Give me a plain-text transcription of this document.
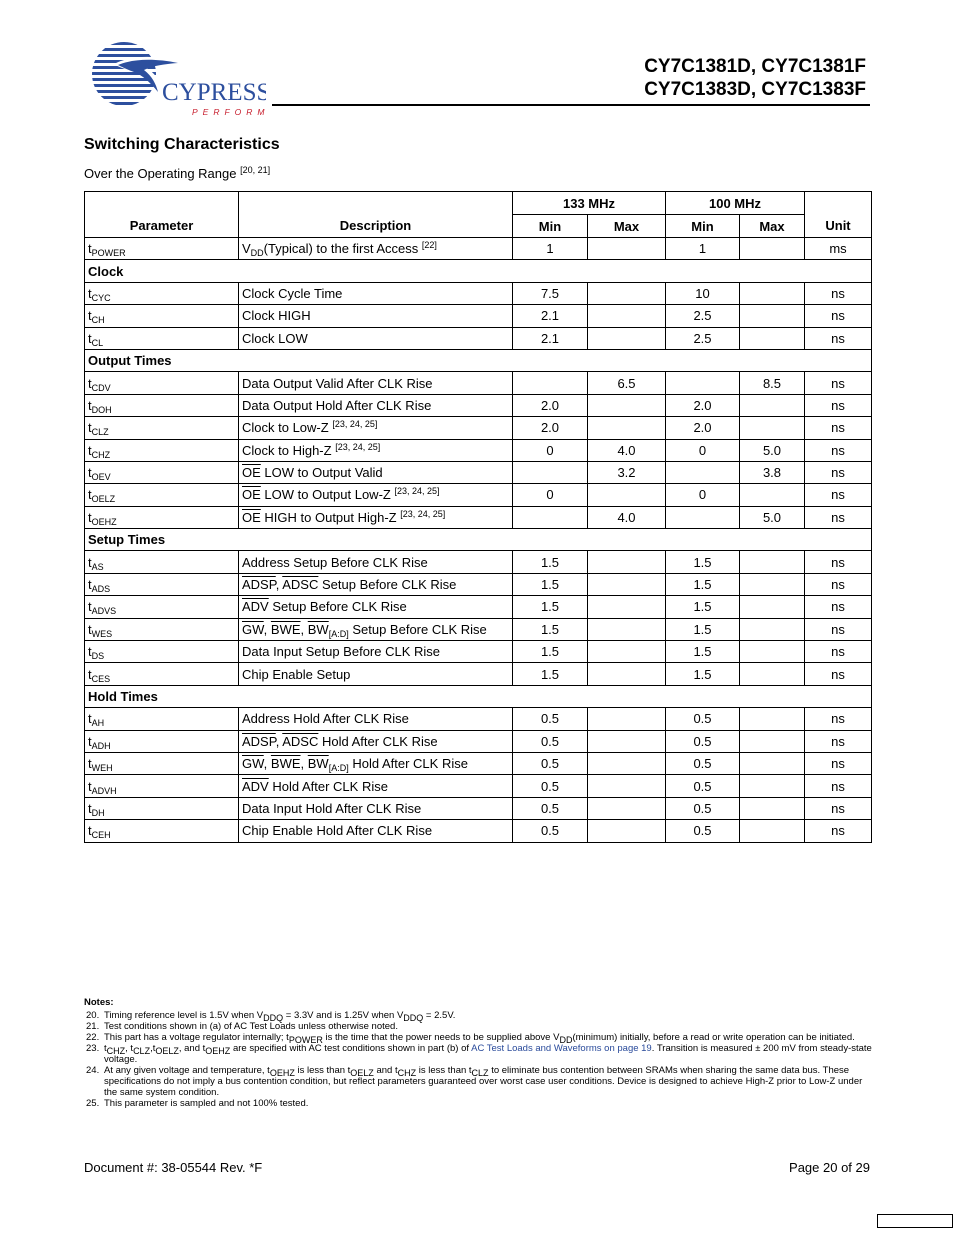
CYPRESS
PERFORM
CY7C1381D, CY7C1381F
CY7C1383D, CY7C1383F
Switching Characteristics
Over the Operating Range [20, 21]
Parameter	Description	133 MHz		100 MHz		Unit
		Min	Max	Min	Max	
$t_{POWER}$	$V_{DD}(Typical)$ to the first Access [22]	1		1		ms
Clock						
$t_{CYC}$	Clock Cycle Time	7.5		10		ns
$t_{CH}$	Clock HIGH	2.1		2.5		ns
$t_{CL}$	Clock LOW	2.1		2.5		ns
Output Times						
$t_{CDV}$	Data Output Valid After CLK Rise		6.5		8.5	ns
$t_{DOH}$	Data Output Hold After CLK Rise	2.0		2.0		ns
$t_{CLZ}$	Clock to Low-Z [23, 24, 25]	2.0		2.0		ns
$t_{CHZ}$	Clock to High-Z [23, 24, 25]	0	4.0	0	5.0	ns
$t_{OEV}$	$\overline{OE}$ LOW to Output Valid		3.2		3.8	ns
$t_{OELZ}$	$\overline{OE}$ LOW to Output Low-Z [23, 24, 25]	0		0		ns
$t_{OEHZ}$	$\overline{OE}$ HIGH to Output High-Z [23, 24, 25]		4.0		5.0	ns
Setup Times						
$t_{AS}$	Address Setup Before CLK Rise	1.5		1.5		ns
$t_{ADS}$	ADSP, ADSC Setup Before CLK Rise	1.5		1.5		ns
$t_{ADVS}$	$\overline{ADV}$ Setup Before CLK Rise	1.5		1.5		ns
$t_{WES}$	$\overline{GW}$, $\overline{BWE}$, $\overline{BW}_{[A:D]}$ Setup Before CLK Rise	1.5		1.5		ns
$t_{DS}$	Data Input Setup Before CLK Rise	1.5		1.5		ns
$t_{CES}$	Chip Enable Setup	1.5		1.5		ns
Hold Times						
$t_{AH}$	Address Hold After CLK Rise	0.5		0.5		ns
$t_{ADH}$	ADSP, ADSC Hold After CLK Rise	0.5		0.5		ns
$t_{WEH}$	$\overline{GW}$, $\overline{BWE}$, $\overline{BW}_{[A:D]}$ Hold After CLK Rise	0.5		0.5		ns
$t_{ADVH}$	$\overline{ADV}$ Hold After CLK Rise	0.5		0.5		ns
$t_{DH}$	Data Input Hold After CLK Rise	0.5		0.5		ns
$t_{CEH}$	Chip Enable Hold After CLK Rise	0.5		0.5		ns
Notes:
20. Timing reference level is 1.5V when VDDQ = 3.3V and is 1.25V when VDDQ = 2.5V.
21. Test conditions shown in (a) of AC Test Loads unless otherwise noted.
22. This part has a voltage regulator internally; tPOWER is the time that the power needs to be supplied above VDD(minimum) initially, before a read or write operation can be initiated.
23. tCHZ, tCLZ,tOELZ, and tOEHZ are specified with AC test conditions shown in part (b) of AC Test Loads and Waveforms on page 19. Transition is measured ± 200 mV from steady-state voltage.
24. At any given voltage and temperature, tOEHZ is less than tOELZ and tCHZ is less than tCLZ to eliminate bus contention between SRAMs when sharing the same data bus. These specifications do not imply a bus contention condition, but reflect parameters guaranteed over worst case user conditions. Device is designed to achieve High-Z prior to Low-Z under the same system condition.
25. This parameter is sampled and not 100% tested.
Document #: 38-05544 Rev. *F	Page 20 of 29
